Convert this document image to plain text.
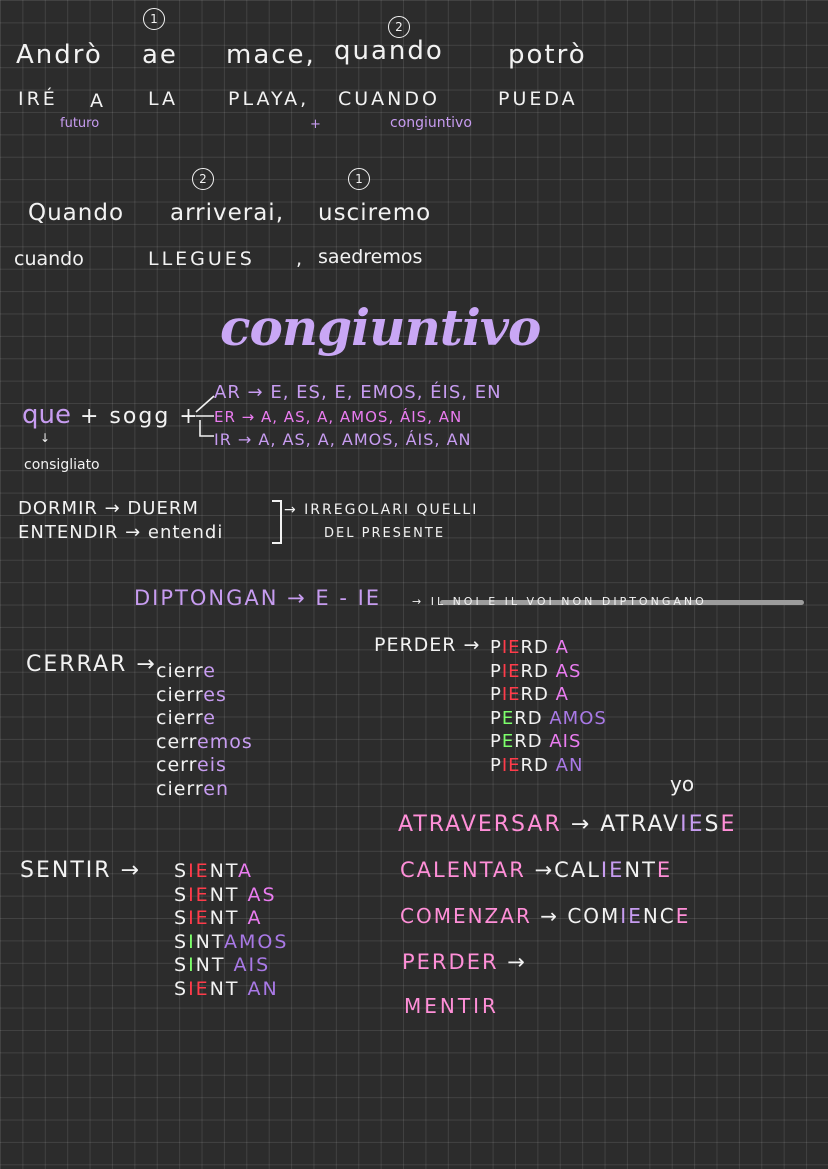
1
2
Andrò ae mace, quando potrò
IRÉ A LA	PLAYA, CUANDO	PUEDA
futuro	+	congiuntivo
2	1
Quando arriverai, usciremo
cuando	LLEGUES , saedremos
congiuntivo
que + sogg +
↓
consigliato
AR → E, ES, E, EMOS, ÉIS, EN
ER → A, AS, A, AMOS, ÁIS, AN
IR → A, AS, A, AMOS, ÁIS, AN
DORMIR → DUERM
ENTENDIR → entendi
→ IRREGOLARI QUELLI
DEL PRESENTE
DIPTONGAN → E - IE	→ IL NOI E IL VOI NON DIPTONGANO
CERRAR → cierre
cierres
cierre
cerremos
cerreis
cierren
PERDER → PIERD A
PIERD AS
PIERD A
PERD AMOS
PERD AIS
PIERD AN
SENTIR → SIENTA
SIENT AS
SIENT A
SINTAMOS
SINT AIS
SIENT AN
yo
ATRAVERSAR → ATRAVIESE
CALENTAR →CALIENTE
COMENZAR → COMIENCE
PERDER →
MENTIR
